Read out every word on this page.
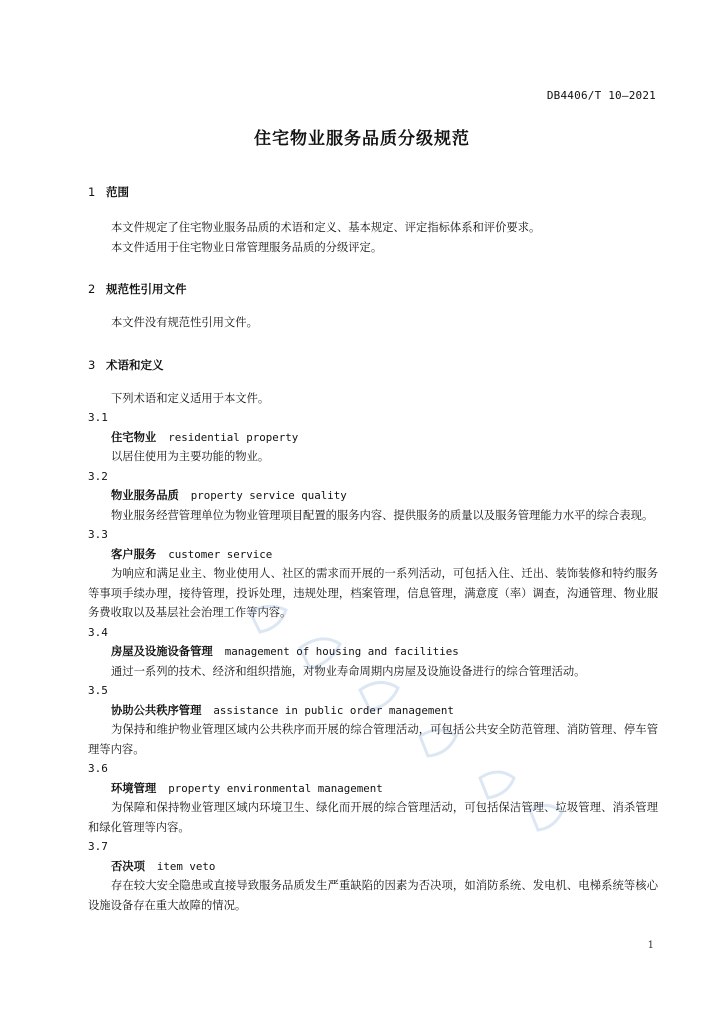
DB4406/T 10—2021
住宅物业服务品质分级规范
1 范围

本文件规定了住宅物业服务品质的术语和定义、基本规定、评定指标体系和评价要求。

本文件适用于住宅物业日常管理服务品质的分级评定。

2 规范性引用文件

本文件没有规范性引用文件。

3 术语和定义

下列术语和定义适用于本文件。

3.1

住宅物业 residential property

以居住使用为主要功能的物业。

3.2

物业服务品质 property service quality

物业服务经营管理单位为物业管理项目配置的服务内容、提供服务的质量以及服务管理能力水平的综合表现。

3.3

客户服务 customer service

为响应和满足业主、物业使用人、社区的需求而开展的一系列活动，可包括入住、迁出、装饰装修和特约服务等事项手续办理，接待管理，投诉处理，违规处理，档案管理，信息管理，满意度（率）调查，沟通管理、物业服务费收取以及基层社会治理工作等内容。

3.4

房屋及设施设备管理 management of housing and facilities

通过一系列的技术、经济和组织措施，对物业寿命周期内房屋及设施设备进行的综合管理活动。

3.5

协助公共秩序管理 assistance in public order management

为保持和维护物业管理区域内公共秩序而开展的综合管理活动，可包括公共安全防范管理、消防管理、停车管理等内容。

3.6

环境管理 property environmental management

为保障和保持物业管理区域内环境卫生、绿化而开展的综合管理活动，可包括保洁管理、垃圾管理、消杀管理和绿化管理等内容。

3.7

否决项 item veto

存在较大安全隐患或直接导致服务品质发生严重缺陷的因素为否决项，如消防系统、发电机、电梯系统等核心设施设备存在重大故障的情况。

1
